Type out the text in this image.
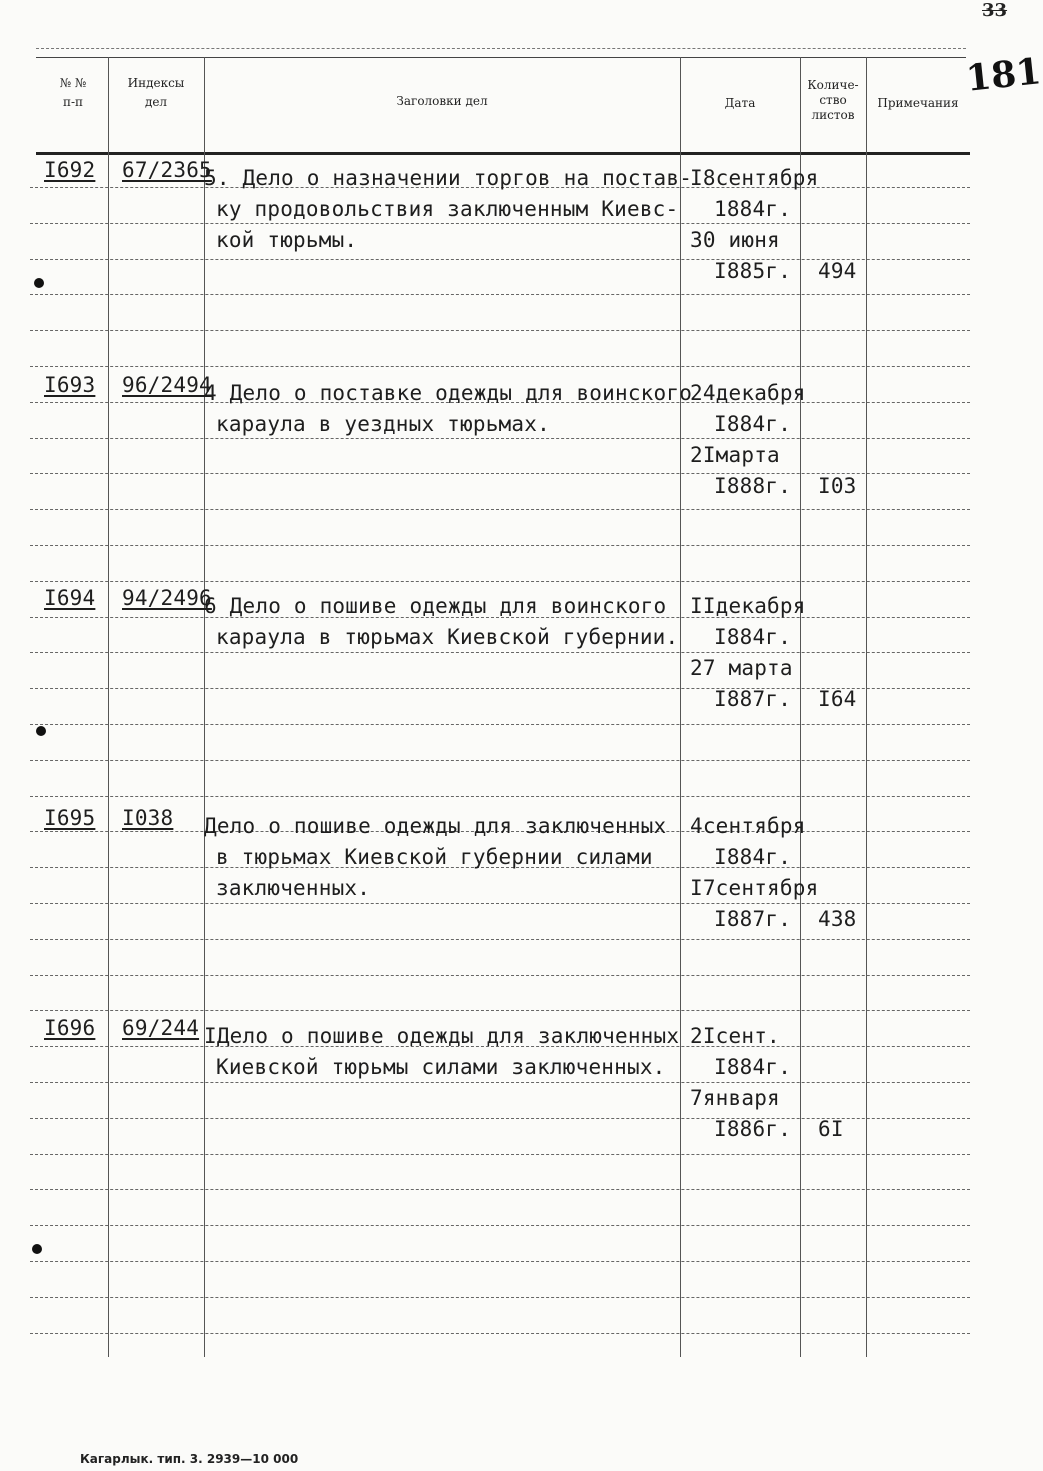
33
181
№ №
п-п
Индексы
дел	Заголовки дел	Дата
Количе-
ство
листов
Примечания
I692 67/2365
5. Дело о назначении торгов на постав-
ку продовольствия заключенным Киевс-
кой тюрьмы.
I8сентября
1884г.
30 июня
I885г. 494
I693 96/2494
4 Дело о поставке одежды для воинского
караула в уездных тюрьмах.
24декабря
I884г.
2Iмарта
I888г. I03
I694 94/2496
6 Дело о пошиве одежды для воинского
караула в тюрьмах Киевской губернии.
IIдекабря
I884г.
27 марта
I887г. I64
I695 I038 Дело о пошиве одежды для заключенных
в тюрьмах Киевской губернии силами
заключенных.
4сентября
I884г.
I7сентября
I887г. 438
I696 69/244 IДело о пошиве одежды для заключенных
Киевской тюрьмы силами заключенных.
2Iсент.
I884г.
7января
I886г. 6I
Кагарлык. тип. 3. 2939—10 000
